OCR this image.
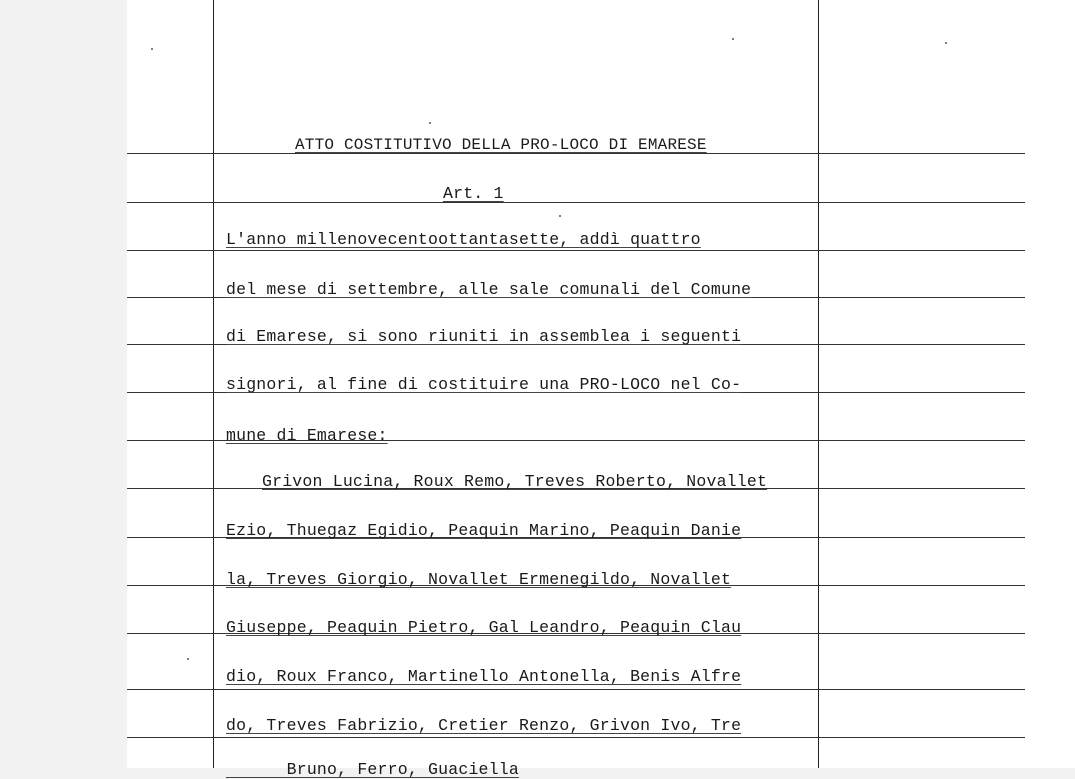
ATTO COSTITUTIVO DELLA PRO-LOCO DI EMARESE
Art. 1
L'anno millenovecentoottantasette, addì quattro
del mese di settembre, alle sale comunali del Comune
di Emarese, si sono riuniti in assemblea i seguenti
signori, al fine di costituire una PRO-LOCO nel Co-
mune di Emarese:
Grivon Lucina, Roux Remo, Treves Roberto, Novallet
Ezio, Thuegaz Egidio, Peaquin Marino, Peaquin Danie
la, Treves Giorgio, Novallet Ermenegildo, Novallet
Giuseppe, Peaquin Pietro, Gal Leandro, Peaquin Clau
dio, Roux Franco, Martinello Antonella, Benis Alfre
do, Treves Fabrizio, Cretier Renzo, Grivon Ivo, Tre
Bruno, Ferro, Guaciella
